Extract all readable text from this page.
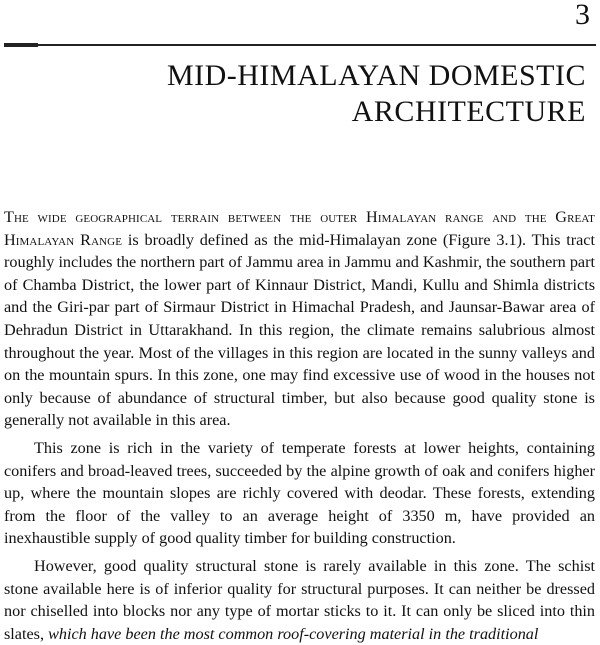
3
MID-HIMALAYAN DOMESTIC
ARCHITECTURE

The wide geographical terrain between the outer Himalayan range and the Great Himalayan Range is broadly defined as the mid-Himalayan zone (Figure 3.1). This tract roughly includes the northern part of Jammu area in Jammu and Kashmir, the southern part of Chamba District, the lower part of Kinnaur District, Mandi, Kullu and Shimla districts and the Giri-par part of Sirmaur District in Himachal Pradesh, and Jaunsar-Bawar area of Dehradun District in Uttarakhand. In this region, the climate remains salubrious almost throughout the year. Most of the villages in this region are located in the sunny valleys and on the mountain spurs. In this zone, one may find excessive use of wood in the houses not only because of abundance of structural timber, but also because good quality stone is generally not available in this area.

This zone is rich in the variety of temperate forests at lower heights, containing conifers and broad-leaved trees, succeeded by the alpine growth of oak and conifers higher up, where the mountain slopes are richly covered with deodar. These forests, extending from the floor of the valley to an average height of 3350 m, have provided an inexhaustible supply of good quality timber for building construction.

However, good quality structural stone is rarely available in this zone. The schist stone available here is of inferior quality for structural purposes. It can neither be dressed nor chiselled into blocks nor any type of mortar sticks to it. It can only be sliced into thin slates, which have been the most common roof-covering material in the traditional
